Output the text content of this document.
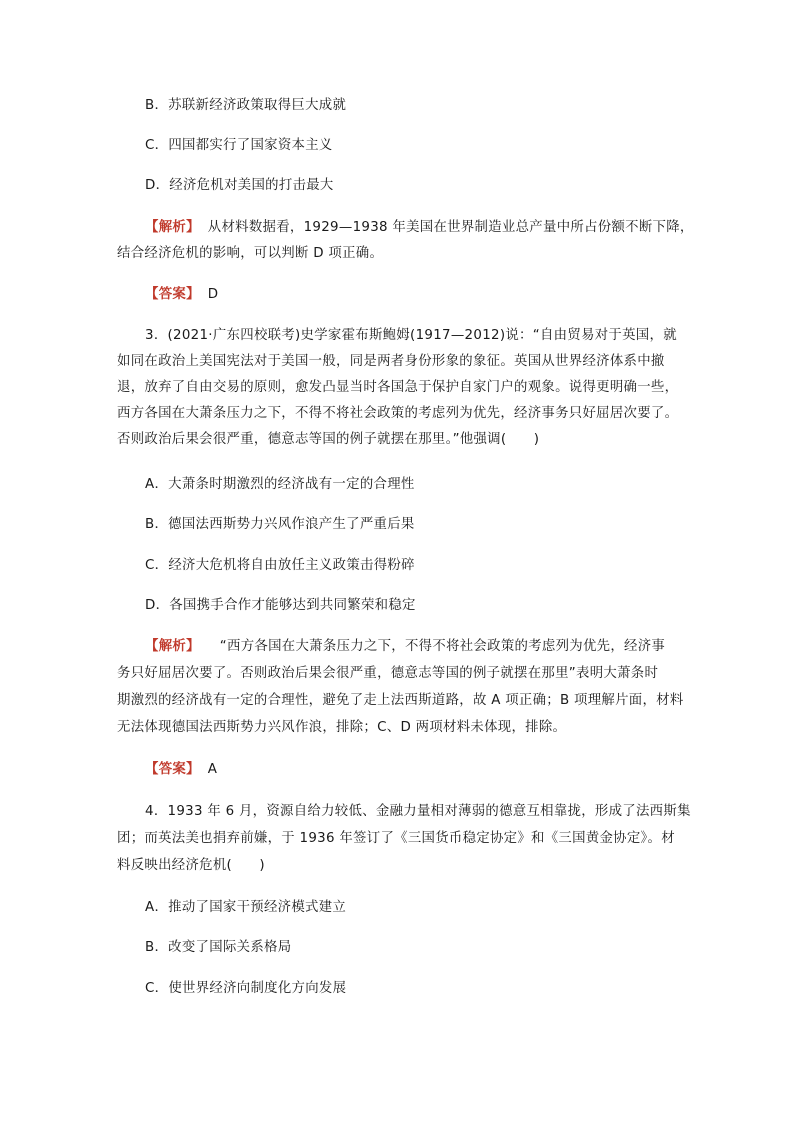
B．苏联新经济政策取得巨大成就
C．四国都实行了国家资本主义
D．经济危机对美国的打击最大
【解析】 从材料数据看，1929—1938 年美国在世界制造业总产量中所占份额不断下降，
结合经济危机的影响，可以判断 D 项正确。
【答案】 D
3．(2021·广东四校联考)史学家霍布斯鲍姆(1917—2012)说：“自由贸易对于英国，就
如同在政治上美国宪法对于美国一般，同是两者身份形象的象征。英国从世界经济体系中撤
退，放弃了自由交易的原则，愈发凸显当时各国急于保护自家门户的观象。说得更明确一些，
西方各国在大萧条压力之下，不得不将社会政策的考虑列为优先，经济事务只好屈居次要了。
否则政治后果会很严重，德意志等国的例子就摆在那里。”他强调(　　)
A．大萧条时期激烈的经济战有一定的合理性
B．德国法西斯势力兴风作浪产生了严重后果
C．经济大危机将自由放任主义政策击得粉碎
D．各国携手合作才能够达到共同繁荣和稳定
【解析】 “西方各国在大萧条压力之下，不得不将社会政策的考虑列为优先，经济事
务只好屈居次要了。否则政治后果会很严重，德意志等国的例子就摆在那里”表明大萧条时
期激烈的经济战有一定的合理性，避免了走上法西斯道路，故 A 项正确；B 项理解片面，材料
无法体现德国法西斯势力兴风作浪，排除；C、D 两项材料未体现，排除。
【答案】 A
4．1933 年 6 月，资源自给力较低、金融力量相对薄弱的德意互相靠拢，形成了法西斯集
团；而英法美也捐弃前嫌，于 1936 年签订了《三国货币稳定协定》和《三国黄金协定》。材
料反映出经济危机(　　)
A．推动了国家干预经济模式建立
B．改变了国际关系格局
C．使世界经济向制度化方向发展
